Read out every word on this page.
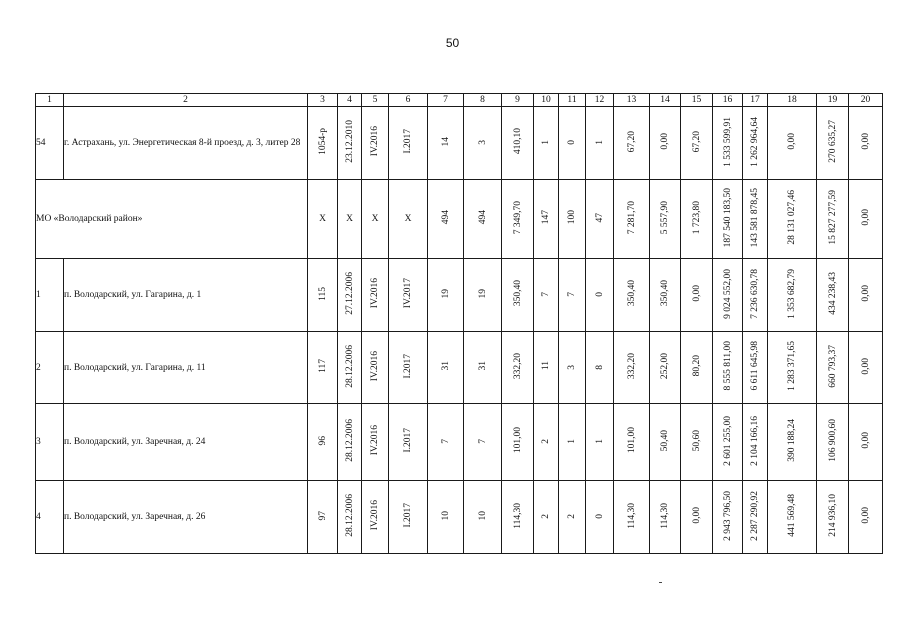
50
1	2	3	4	5	6	7	8	9	10	11	12	13	14	15	16	17	18	19	20
54	г. Астрахань, ул. Энергетическая 8-й проезд, д. 3, литер 28	1054-р	23.12.2010	IV.2016	I.2017	14	3	410,10	1	0	1	67,20	0,00	67,20	1 533 599,91	1 262 964,64	0,00	270 635,27	0,00
МО «Володарский район»		X	X	X	X	494	494	7 349,70	147	100	47	7 281,70	5 557,90	1 723,80	187 540 183,50	143 581 878,45	28 131 027,46	15 827 277,59	0,00
1	п. Володарский, ул. Гагарина, д. 1	115	27.12.2006	IV.2016	IV.2017	19	19	350,40	7	7	0	350,40	350,40	0,00	9 024 552,00	7 236 630,78	1 353 682,79	434 238,43	0,00
2	п. Володарский, ул. Гагарина, д. 11	117	28.12.2006	IV.2016	I.2017	31	31	332,20	11	3	8	332,20	252,00	80,20	8 555 811,00	6 611 645,98	1 283 371,65	660 793,37	0,00
3	п. Володарский, ул. Заречная, д. 24	96	28.12.2006	IV.2016	I.2017	7	7	101,00	2	1	1	101,00	50,40	50,60	2 601 255,00	2 104 166,16	390 188,24	106 900,60	0,00
4	п. Володарский, ул. Заречная, д. 26	97	28.12.2006	IV.2016	I.2017	10	10	114,30	2	2	0	114,30	114,30	0,00	2 943 796,50	2 287 290,92	441 569,48	214 936,10	0,00
